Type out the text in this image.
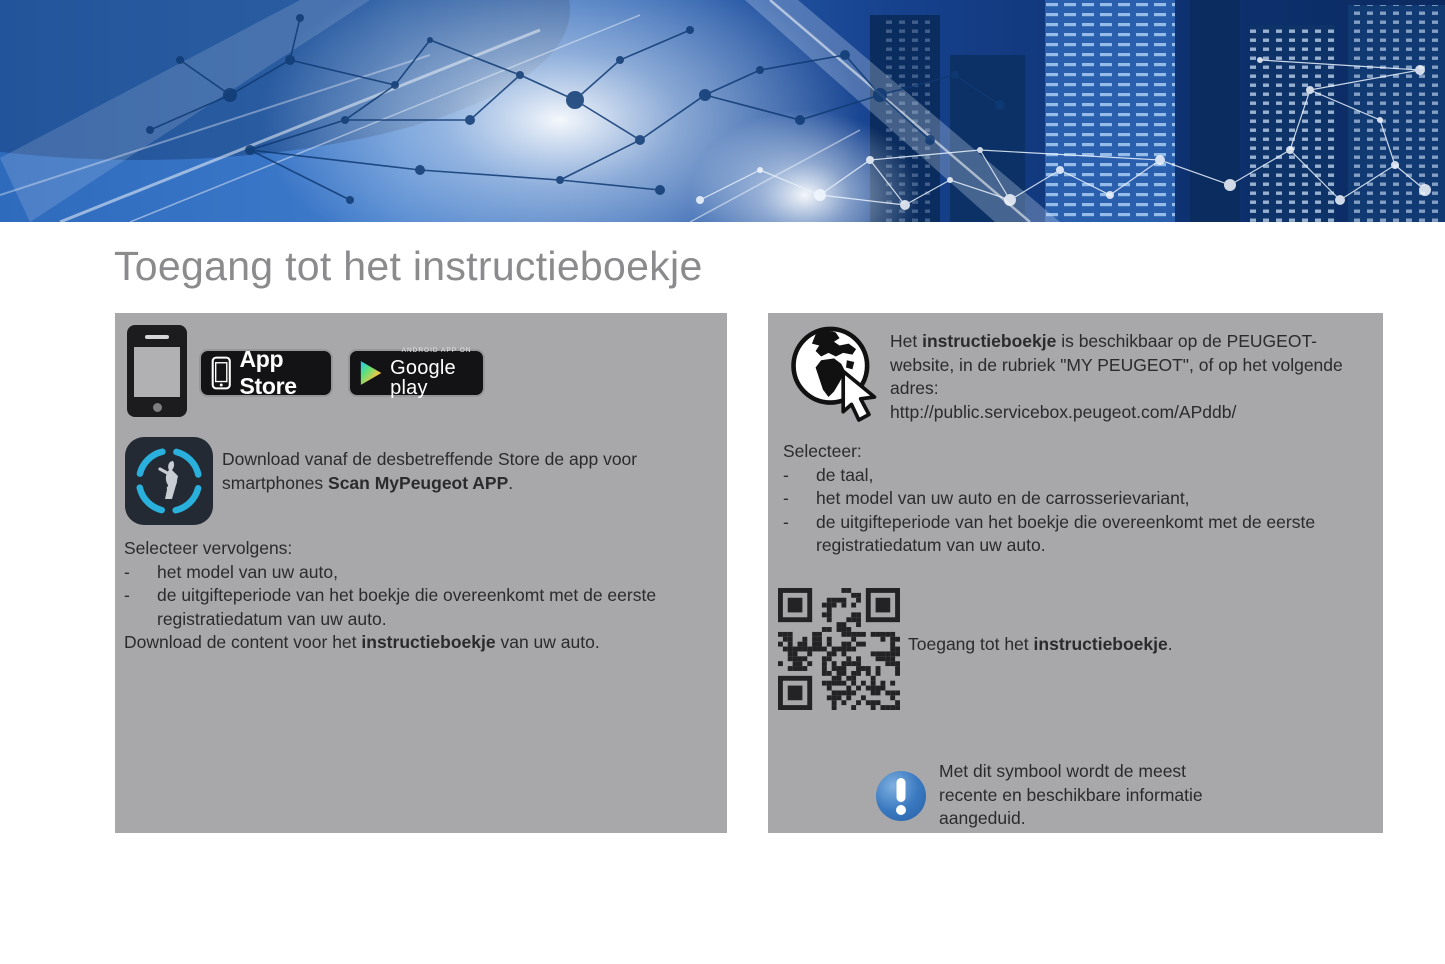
Toegang tot het instructieboekje
App Store
ANDROID APP ON
Google play
Download vanaf de desbetreffende Store de app voor smartphones Scan MyPeugeot APP.
Selecteer vervolgens:
-	het model van uw auto,
-	de uitgifteperiode van het boekje die overeenkomt met de eerste registratiedatum van uw auto.
Download de content voor het instructieboekje van uw auto.
Het instructieboekje is beschikbaar op de PEUGEOT-website, in de rubriek "MY PEUGEOT", of op het volgende adres:
http://public.servicebox.peugeot.com/APddb/
Selecteer:
-	de taal,
-	het model van uw auto en de carrosserievariant,
-	de uitgifteperiode van het boekje die overeenkomt met de eerste registratiedatum van uw auto.
Toegang tot het instructieboekje.
Met dit symbool wordt de meest recente en beschikbare informatie aangeduid.
